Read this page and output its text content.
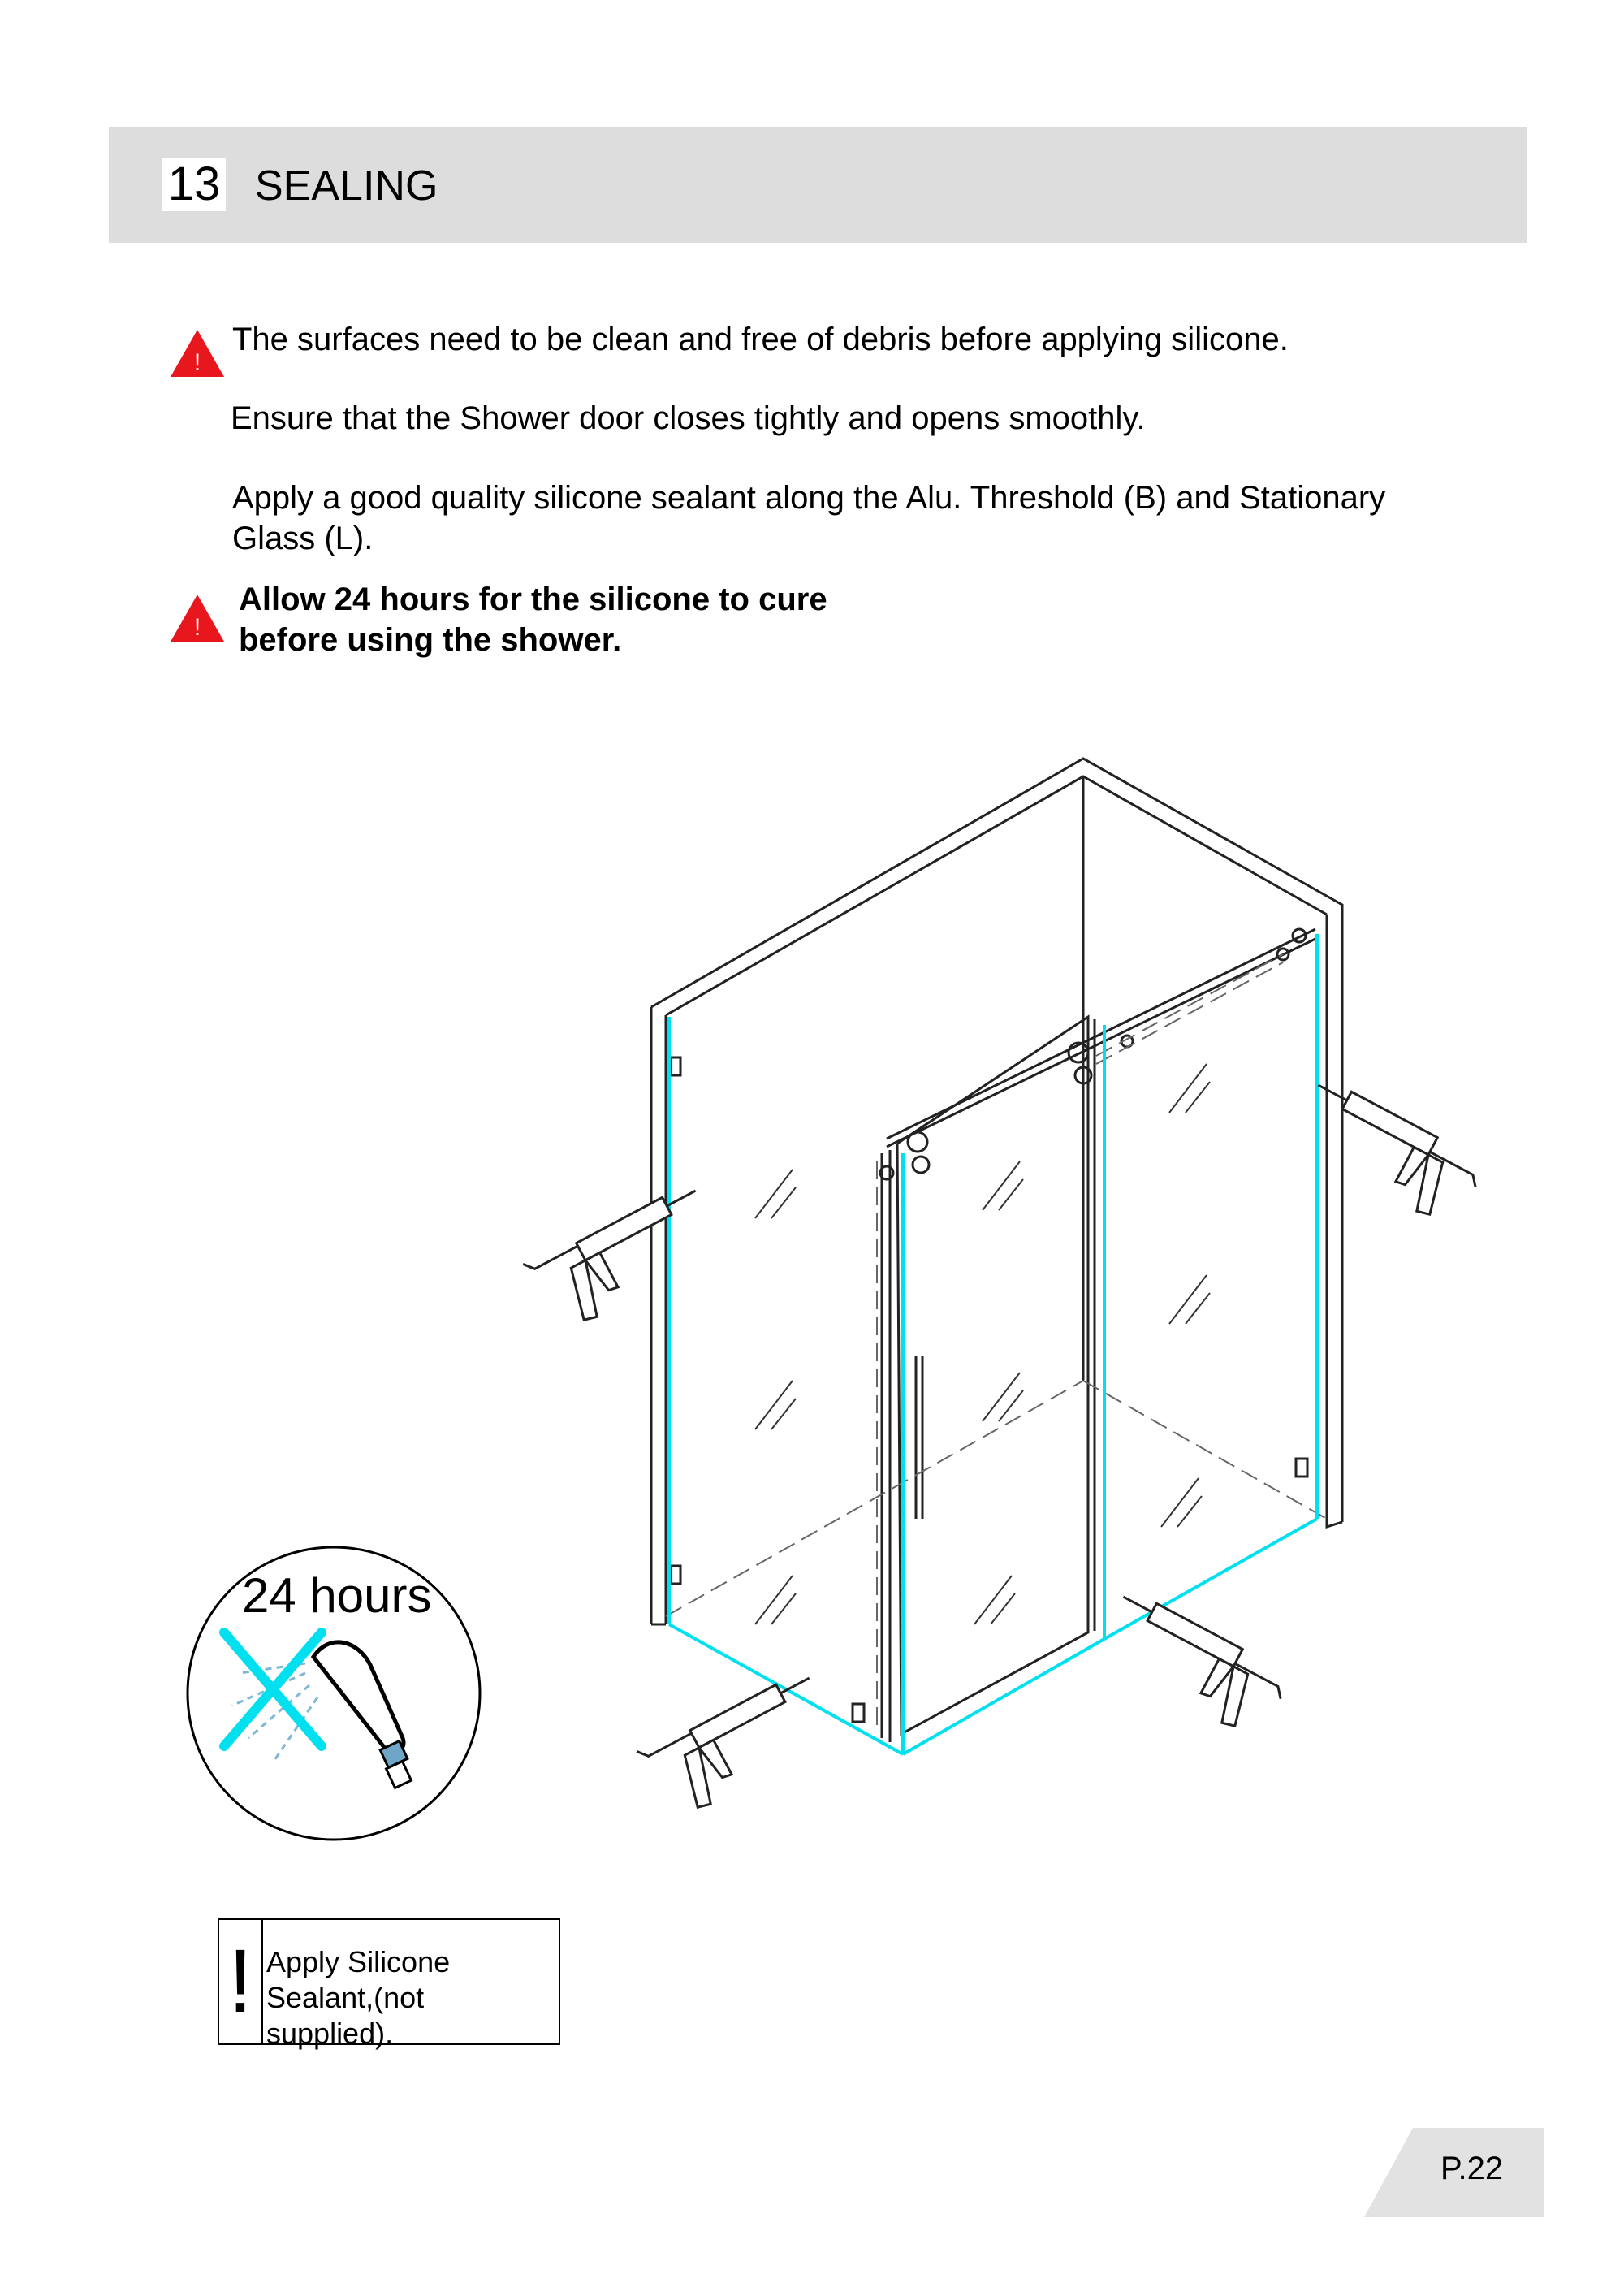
13 SEALING
!
The surfaces need to be clean and free of debris before applying silicone.
Ensure that the Shower door closes tightly and opens smoothly.
Apply a good quality silicone sealant along the Alu. Threshold (B) and Stationary
Glass (L).
!
Allow 24 hours for the silicone to cure
before using the shower.
24 hours
! Apply Silicone
Sealant,(not supplied).
P.22
